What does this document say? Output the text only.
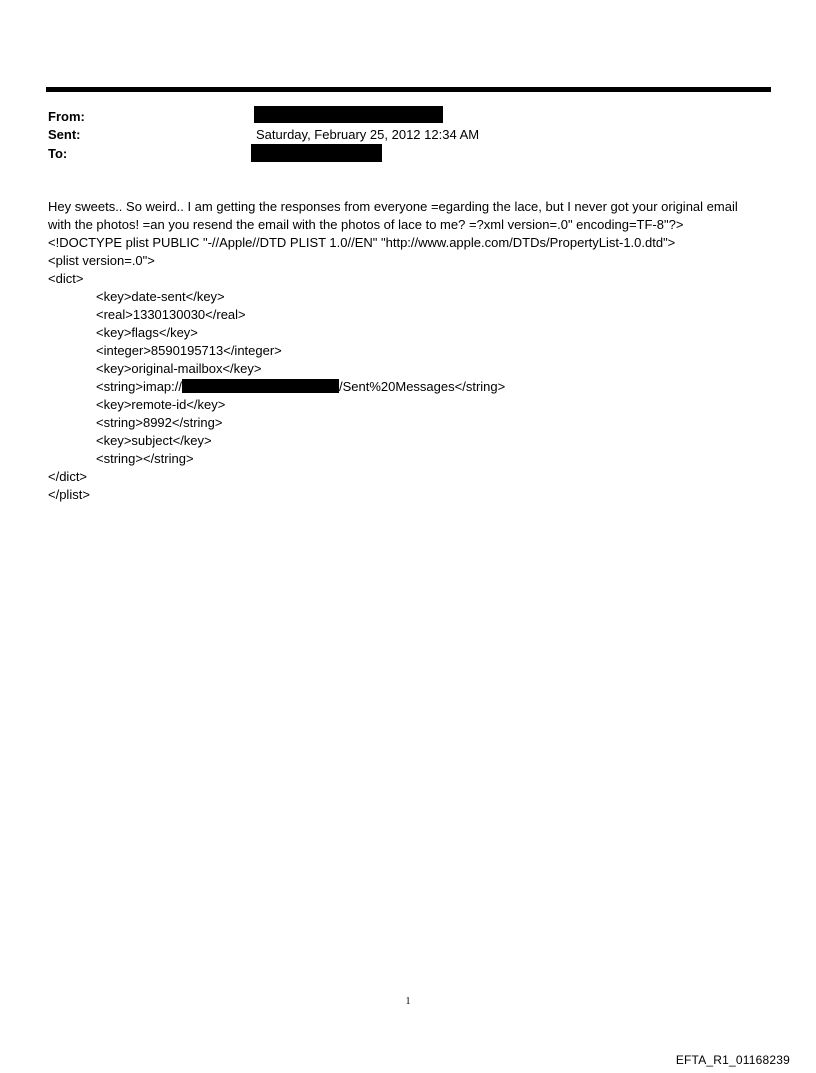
From:
Sent:	Saturday, February 25, 2012 12:34 AM
To:
Hey sweets.. So weird.. I am getting the responses from everyone =egarding the lace, but I never got your original email
with the photos! =an you resend the email with the photos of lace to me? =?xml version=.0" encoding=TF-8"?>
<!DOCTYPE plist PUBLIC "-//Apple//DTD PLIST 1.0//EN" "http://www.apple.com/DTDs/PropertyList-1.0.dtd">
<plist version=.0">
<dict>
<key>date-sent</key>
<real>1330130030</real>
<key>flags</key>
<integer>8590195713</integer>
<key>original-mailbox</key>
<string>imap://	/Sent%20Messages</string>
<key>remote-id</key>
<string>8992</string>
<key>subject</key>
<string></string>
</dict>
</plist>
1
EFTA_R1_01168239
